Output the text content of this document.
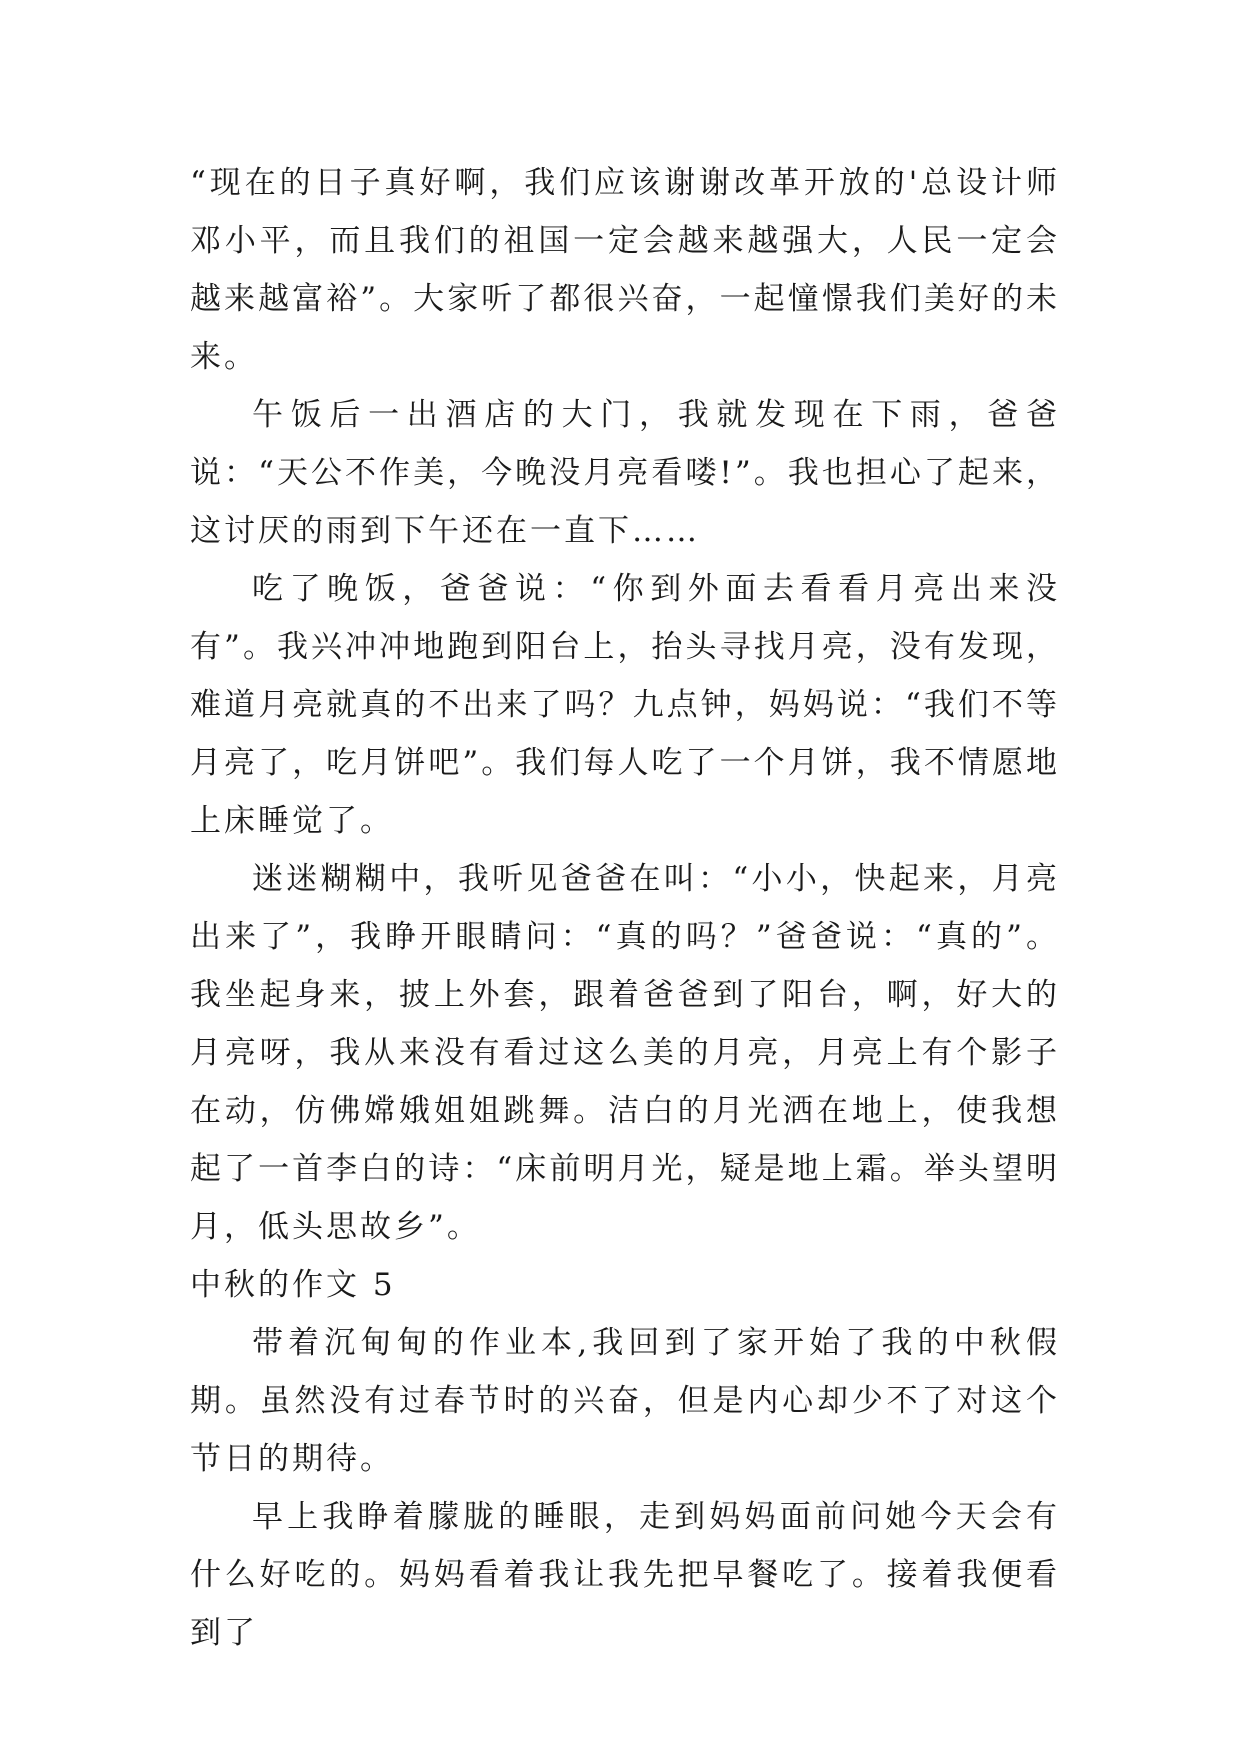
“现在的日子真好啊，我们应该谢谢改革开放的'总设计师邓小平，而且我们的祖国一定会越来越强大，人民一定会越来越富裕”。大家听了都很兴奋，一起憧憬我们美好的未来。

午饭后一出酒店的大门，我就发现在下雨，爸爸说：“天公不作美，今晚没月亮看喽!”。我也担心了起来，这讨厌的雨到下午还在一直下……

吃了晚饭，爸爸说：“你到外面去看看月亮出来没有”。我兴冲冲地跑到阳台上，抬头寻找月亮，没有发现，难道月亮就真的不出来了吗？九点钟，妈妈说：“我们不等月亮了，吃月饼吧”。我们每人吃了一个月饼，我不情愿地上床睡觉了。

迷迷糊糊中，我听见爸爸在叫：“小小，快起来，月亮出来了”，我睁开眼睛问：“真的吗？”爸爸说：“真的”。我坐起身来，披上外套，跟着爸爸到了阳台，啊，好大的月亮呀，我从来没有看过这么美的月亮，月亮上有个影子在动，仿佛嫦娥姐姐跳舞。洁白的月光洒在地上，使我想起了一首李白的诗：“床前明月光，疑是地上霜。举头望明月，低头思故乡”。

中秋的作文 5

带着沉甸甸的作业本,我回到了家开始了我的中秋假期。虽然没有过春节时的兴奋，但是内心却少不了对这个节日的期待。

早上我睁着朦胧的睡眼，走到妈妈面前问她今天会有什么好吃的。妈妈看着我让我先把早餐吃了。接着我便看到了
